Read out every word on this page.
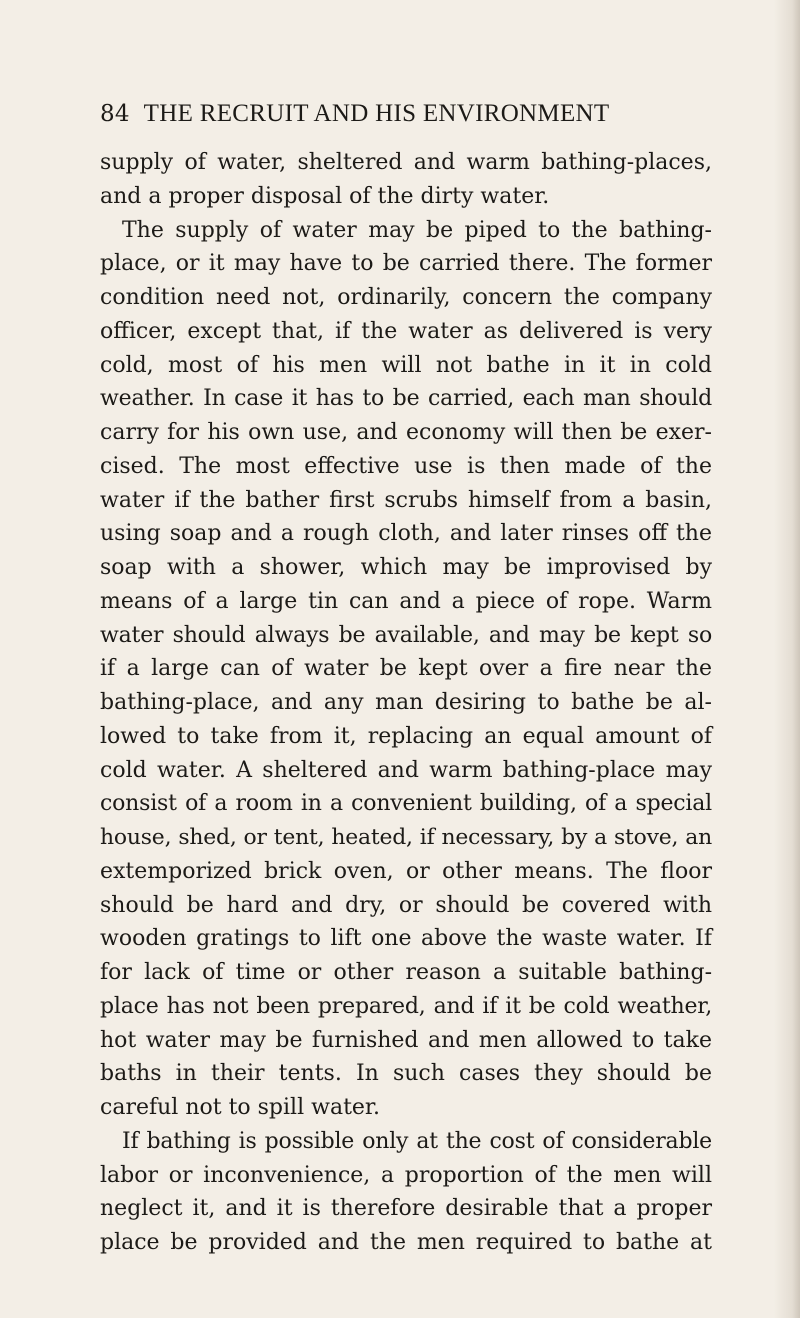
84 THE RECRUIT AND HIS ENVIRONMENT
supply of water, sheltered and warm bathing-places,
and a proper disposal of the dirty water.
The supply of water may be piped to the bathing-
place, or it may have to be carried there. The former
condition need not, ordinarily, concern the company
officer, except that, if the water as delivered is very
cold, most of his men will not bathe in it in cold
weather. In case it has to be carried, each man should
carry for his own use, and economy will then be exer-
cised. The most effective use is then made of the
water if the bather first scrubs himself from a basin,
using soap and a rough cloth, and later rinses off the
soap with a shower, which may be improvised by
means of a large tin can and a piece of rope. Warm
water should always be available, and may be kept so
if a large can of water be kept over a fire near the
bathing-place, and any man desiring to bathe be al-
lowed to take from it, replacing an equal amount of
cold water. A sheltered and warm bathing-place may
consist of a room in a convenient building, of a special
house, shed, or tent, heated, if necessary, by a stove, an
extemporized brick oven, or other means. The floor
should be hard and dry, or should be covered with
wooden gratings to lift one above the waste water. If
for lack of time or other reason a suitable bathing-
place has not been prepared, and if it be cold weather,
hot water may be furnished and men allowed to take
baths in their tents. In such cases they should be
careful not to spill water.
If bathing is possible only at the cost of considerable
labor or inconvenience, a proportion of the men will
neglect it, and it is therefore desirable that a proper
place be provided and the men required to bathe at
